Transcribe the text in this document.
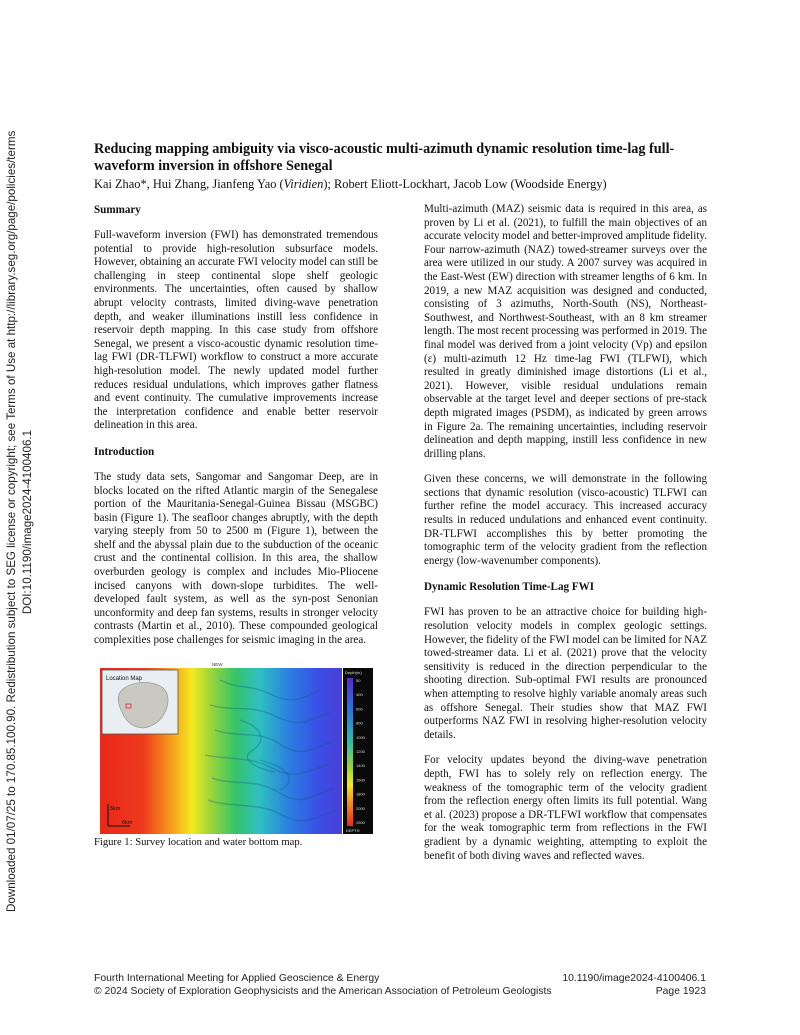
Downloaded 01/07/25 to 170.85.100.90. Redistribution subject to SEG license or copyright; see Terms of Use at http://library.seg.org/page/policies/terms DOI:10.1190/image2024-4100406.1
Reducing mapping ambiguity via visco-acoustic multi-azimuth dynamic resolution time-lag full-waveform inversion in offshore Senegal
Kai Zhao*, Hui Zhang, Jianfeng Yao (Viridien); Robert Eliott-Lockhart, Jacob Low (Woodside Energy)
Summary

Full-waveform inversion (FWI) has demonstrated tremendous potential to provide high-resolution subsurface models. However, obtaining an accurate FWI velocity model can still be challenging in steep continental slope shelf geologic environments. The uncertainties, often caused by shallow abrupt velocity contrasts, limited diving-wave penetration depth, and weaker illuminations instill less confidence in reservoir depth mapping. In this case study from offshore Senegal, we present a visco-acoustic dynamic resolution time-lag FWI (DR-TLFWI) workflow to construct a more accurate high-resolution model. The newly updated model further reduces residual undulations, which improves gather flatness and event continuity. The cumulative improvements increase the interpretation confidence and enable better reservoir delineation in this area.

Introduction

The study data sets, Sangomar and Sangomar Deep, are in blocks located on the rifted Atlantic margin of the Senegalese portion of the Mauritania-Senegal-Guinea Bissau (MSGBC) basin (Figure 1). The seafloor changes abruptly, with the depth varying steeply from 50 to 2500 m (Figure 1), between the shelf and the abyssal plain due to the subduction of the oceanic crust and the continental collision. In this area, the shallow overburden geology is complex and includes Mio-Pliocene incised canyons with down-slope turbidites. The well-developed fault system, as well as the syn-post Senonian unconformity and deep fan systems, results in stronger velocity contrasts (Martin et al., 2010). These compounded geological complexities pose challenges for seismic imaging in the area.

Location Map
NEW
6km
5km
Depth(m)
DEPTH
50
400
600
800
1000
1200
1400
1600
1800
2000
2500

Figure 1: Survey location and water bottom map.

Multi-azimuth (MAZ) seismic data is required in this area, as proven by Li et al. (2021), to fulfill the main objectives of an accurate velocity model and better-improved amplitude fidelity. Four narrow-azimuth (NAZ) towed-streamer surveys over the area were utilized in our study. A 2007 survey was acquired in the East-West (EW) direction with streamer lengths of 6 km. In 2019, a new MAZ acquisition was designed and conducted, consisting of 3 azimuths, North-South (NS), Northeast-Southwest, and Northwest-Southeast, with an 8 km streamer length. The most recent processing was performed in 2019. The final model was derived from a joint velocity (Vp) and epsilon (ε) multi-azimuth 12 Hz time-lag FWI (TLFWI), which resulted in greatly diminished image distortions (Li et al., 2021). However, visible residual undulations remain observable at the target level and deeper sections of pre-stack depth migrated images (PSDM), as indicated by green arrows in Figure 2a. The remaining uncertainties, including reservoir delineation and depth mapping, instill less confidence in new drilling plans.

Given these concerns, we will demonstrate in the following sections that dynamic resolution (visco-acoustic) TLFWI can further refine the model accuracy. This increased accuracy results in reduced undulations and enhanced event continuity. DR-TLFWI accomplishes this by better promoting the tomographic term of the velocity gradient from the reflection energy (low-wavenumber components).

Dynamic Resolution Time-Lag FWI

FWI has proven to be an attractive choice for building high-resolution velocity models in complex geologic settings. However, the fidelity of the FWI model can be limited for NAZ towed-streamer data. Li et al. (2021) prove that the velocity sensitivity is reduced in the direction perpendicular to the shooting direction. Sub-optimal FWI results are pronounced when attempting to resolve highly variable anomaly areas such as offshore Senegal. Their studies show that MAZ FWI outperforms NAZ FWI in resolving higher-resolution velocity details.

For velocity updates beyond the diving-wave penetration depth, FWI has to solely rely on reflection energy. The weakness of the tomographic term of the velocity gradient from the reflection energy often limits its full potential. Wang et al. (2023) propose a DR-TLFWI workflow that compensates for the weak tomographic term from reflections in the FWI gradient by a dynamic weighting, attempting to exploit the benefit of both diving waves and reflected waves.

Fourth International Meeting for Applied Geoscience & Energy
© 2024 Society of Exploration Geophysicists and the American Association of Petroleum Geologists
10.1190/image2024-4100406.1
Page 1923
